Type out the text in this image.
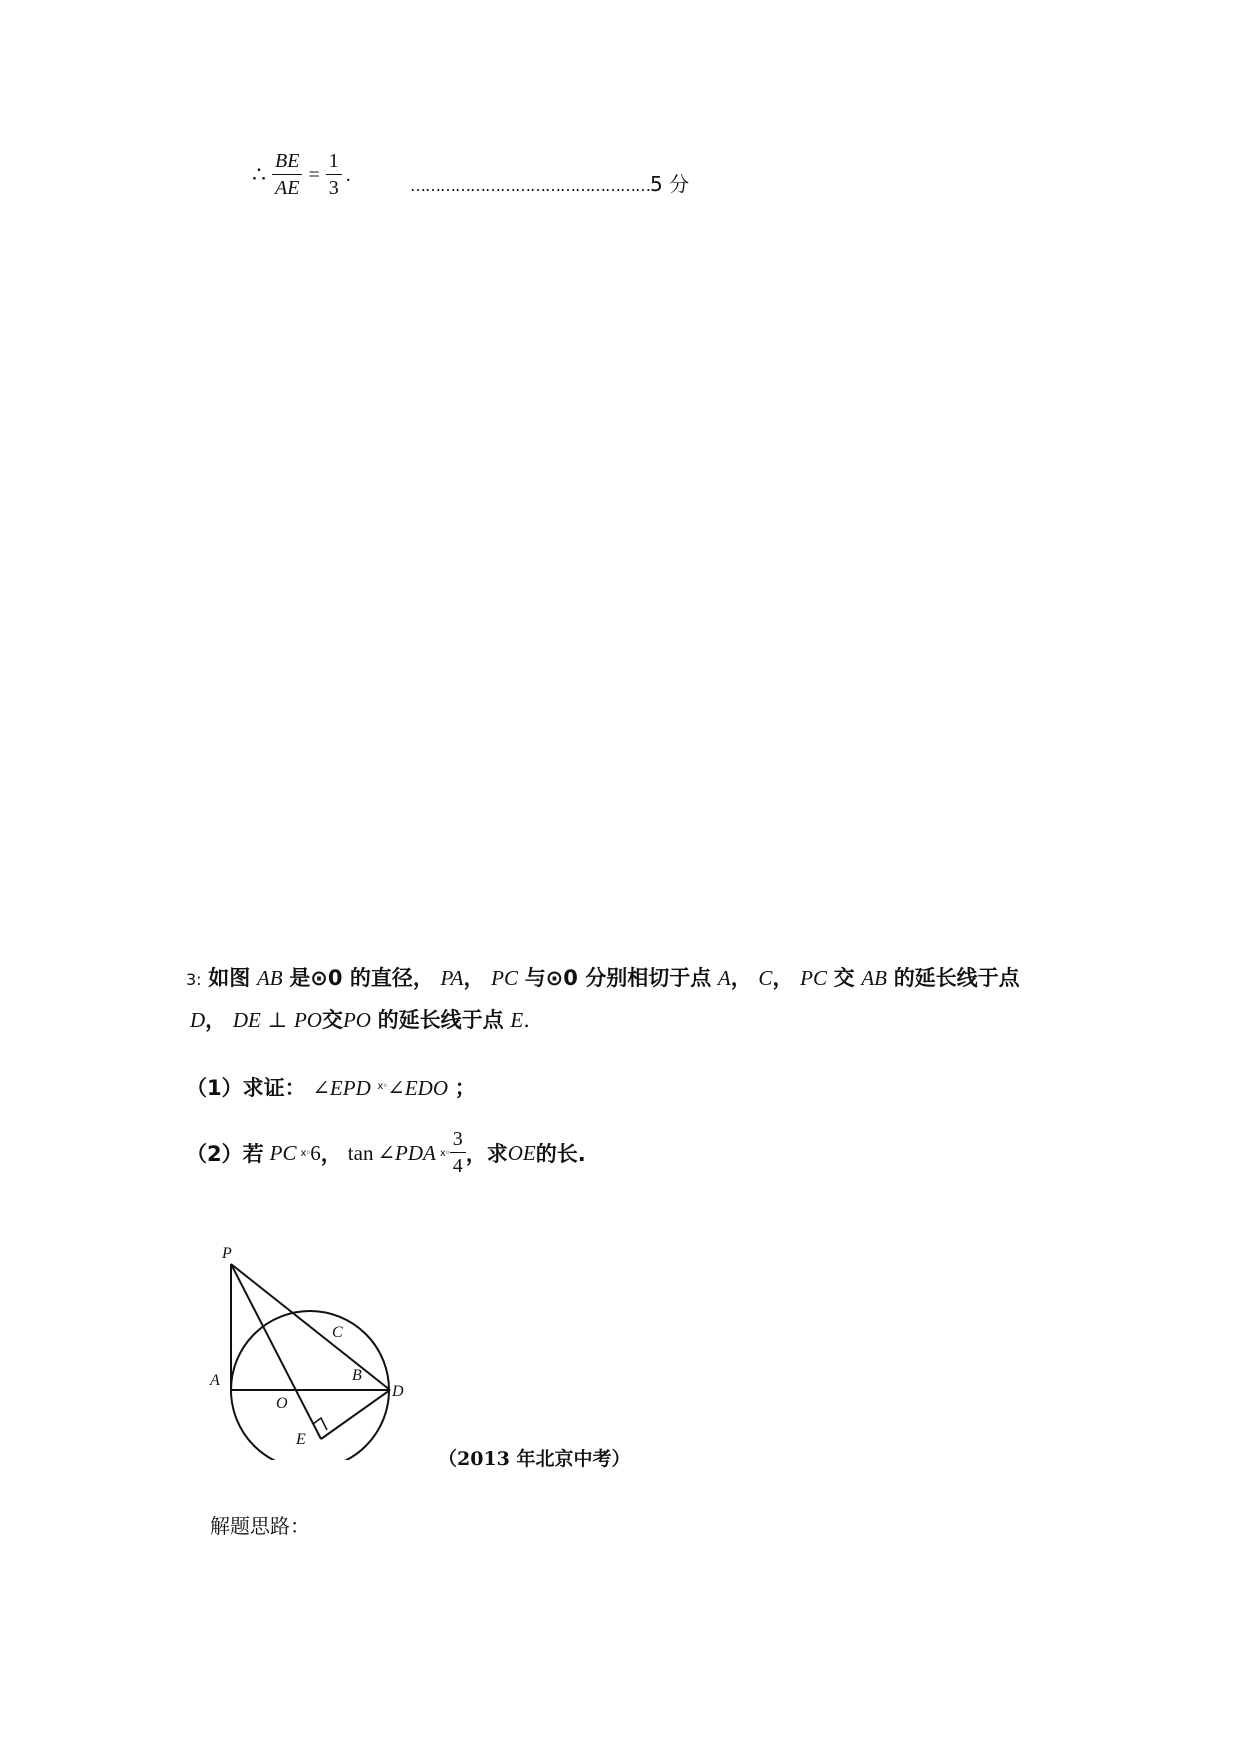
∴ $\frac{BE}{AE} = \frac{1}{3}$ .	…………………………………………5 分
3: 如图 AB 是⊙0 的直径， PA， PC 与⊙0 分别相切于点 A， C， PC 交 AB 的延长线于点
D， DE ⊥ PO交PO 的延长线于点 E.
（1）求证： ∠EPD $^{ⅹ◦}$∠EDO ；
（2）若 PC ⅹ◦ 6 ， tan ∠PDA ⅹ◦ $\frac{3}{4}$ ，求 OE 的长.
P
C
A	B
O
D
E
（2013 年北京中考）
解题思路：
